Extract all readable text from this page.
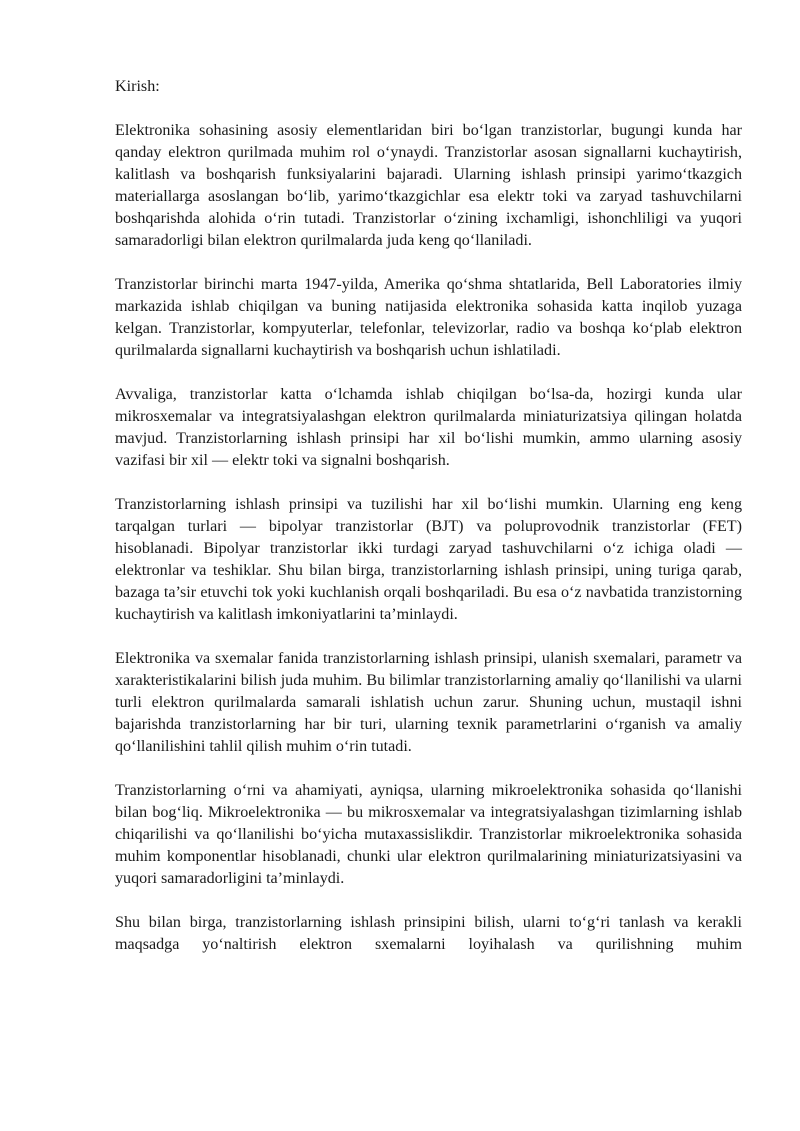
Kirish:

Elektronika sohasining asosiy elementlaridan biri bo‘lgan tranzistorlar, bugungi kunda har qanday elektron qurilmada muhim rol o‘ynaydi. Tranzistorlar asosan signallarni kuchaytirish, kalitlash va boshqarish funksiyalarini bajaradi. Ularning ishlash prinsipi yarimo‘tkazgich materiallarga asoslangan bo‘lib, yarimo‘tkazgichlar esa elektr toki va zaryad tashuvchilarni boshqarishda alohida o‘rin tutadi. Tranzistorlar o‘zining ixchamligi, ishonchliligi va yuqori samaradorligi bilan elektron qurilmalarda juda keng qo‘llaniladi.

Tranzistorlar birinchi marta 1947-yilda, Amerika qo‘shma shtatlarida, Bell Laboratories ilmiy markazida ishlab chiqilgan va buning natijasida elektronika sohasida katta inqilob yuzaga kelgan. Tranzistorlar, kompyuterlar, telefonlar, televizorlar, radio va boshqa ko‘plab elektron qurilmalarda signallarni kuchaytirish va boshqarish uchun ishlatiladi.

Avvaliga, tranzistorlar katta o‘lchamda ishlab chiqilgan bo‘lsa-da, hozirgi kunda ular mikrosxemalar va integratsiyalashgan elektron qurilmalarda miniaturizatsiya qilingan holatda mavjud. Tranzistorlarning ishlash prinsipi har xil bo‘lishi mumkin, ammo ularning asosiy vazifasi bir xil — elektr toki va signalni boshqarish.

Tranzistorlarning ishlash prinsipi va tuzilishi har xil bo‘lishi mumkin. Ularning eng keng tarqalgan turlari — bipolyar tranzistorlar (BJT) va poluprovodnik tranzistorlar (FET) hisoblanadi. Bipolyar tranzistorlar ikki turdagi zaryad tashuvchilarni o‘z ichiga oladi — elektronlar va teshiklar. Shu bilan birga, tranzistorlarning ishlash prinsipi, uning turiga qarab, bazaga ta’sir etuvchi tok yoki kuchlanish orqali boshqariladi. Bu esa o‘z navbatida tranzistorning kuchaytirish va kalitlash imkoniyatlarini ta’minlaydi.

Elektronika va sxemalar fanida tranzistorlarning ishlash prinsipi, ulanish sxemalari, parametr va xarakteristikalarini bilish juda muhim. Bu bilimlar tranzistorlarning amaliy qo‘llanilishi va ularni turli elektron qurilmalarda samarali ishlatish uchun zarur. Shuning uchun, mustaqil ishni bajarishda tranzistorlarning har bir turi, ularning texnik parametrlarini o‘rganish va amaliy qo‘llanilishini tahlil qilish muhim o‘rin tutadi.

Tranzistorlarning o‘rni va ahamiyati, ayniqsa, ularning mikroelektronika sohasida qo‘llanishi bilan bog‘liq. Mikroelektronika — bu mikrosxemalar va integratsiyalashgan tizimlarning ishlab chiqarilishi va qo‘llanilishi bo‘yicha mutaxassislikdir. Tranzistorlar mikroelektronika sohasida muhim komponentlar hisoblanadi, chunki ular elektron qurilmalarining miniaturizatsiyasini va yuqori samaradorligini ta’minlaydi.

Shu bilan birga, tranzistorlarning ishlash prinsipini bilish, ularni to‘g‘ri tanlash va kerakli maqsadga yo‘naltirish elektron sxemalarni loyihalash va qurilishning muhim
